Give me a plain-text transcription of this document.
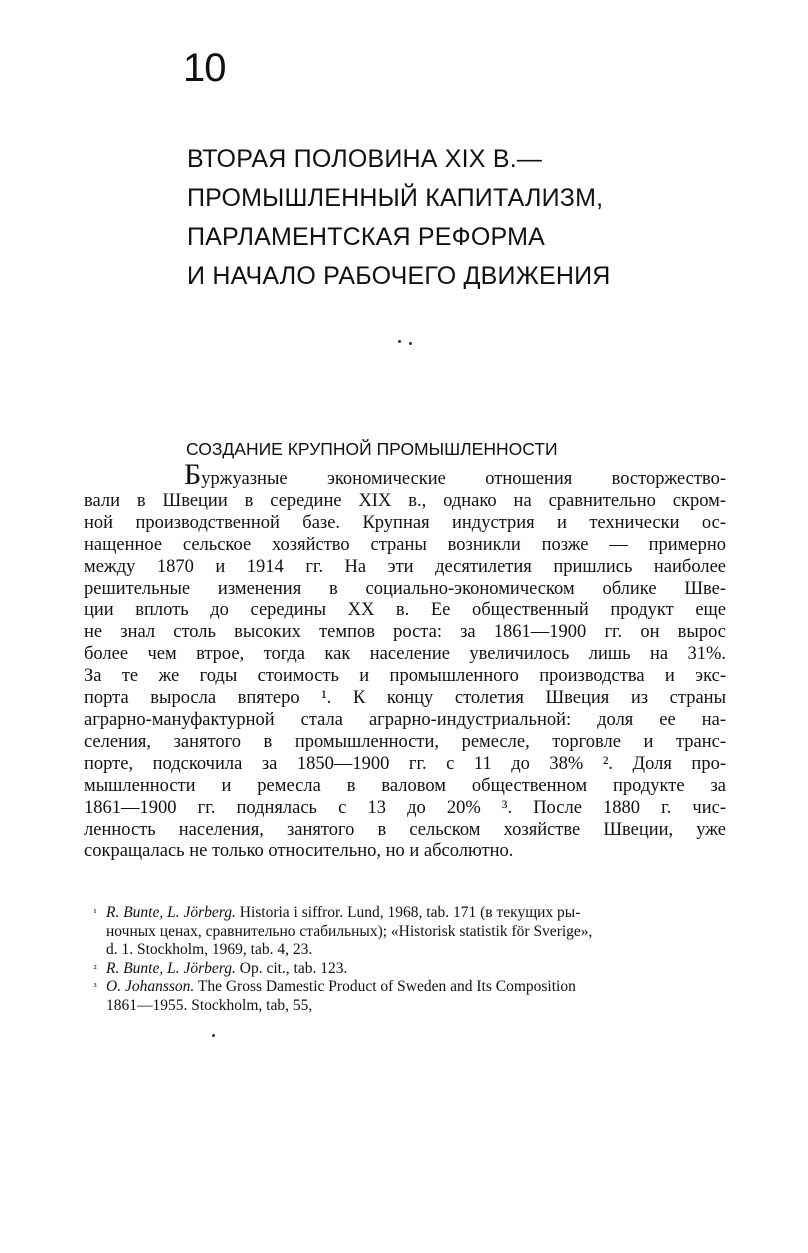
10
ВТОРАЯ ПОЛОВИНА XIX В.—
ПРОМЫШЛЕННЫЙ КАПИТАЛИЗМ,
ПАРЛАМЕНТСКАЯ РЕФОРМА
И НАЧАЛО РАБОЧЕГО ДВИЖЕНИЯ
СОЗДАНИЕ КРУПНОЙ ПРОМЫШЛЕННОСТИ
Буржуазные экономические отношения восторжество-
вали в Швеции в середине XIX в., однако на сравнительно скром-
ной производственной базе. Крупная индустрия и технически ос-
нащенное сельское хозяйство страны возникли позже — примерно
между 1870 и 1914 гг. На эти десятилетия пришлись наиболее
решительные изменения в социально-экономическом облике Шве-
ции вплоть до середины XX в. Ее общественный продукт еще
не знал столь высоких темпов роста: за 1861—1900 гг. он вырос
более чем втрое, тогда как население увеличилось лишь на 31%.
За те же годы стоимость и промышленного производства и экс-
порта выросла впятеро ¹. К концу столетия Швеция из страны
аграрно-мануфактурной стала аграрно-индустриальной: доля ее на-
селения, занятого в промышленности, ремесле, торговле и транс-
порте, подскочила за 1850—1900 гг. с 11 до 38% ². Доля про-
мышленности и ремесла в валовом общественном продукте за
1861—1900 гг. поднялась с 13 до 20% ³. После 1880 г. чис-
ленность населения, занятого в сельском хозяйстве Швеции, уже
сокращалась не только относительно, но и абсолютно.
¹ R. Bunte, L. Jörberg. Historia i siffror. Lund, 1968, tab. 171 (в текущих ры-
ночных ценах, сравнительно стабильных); «Historisk statistik för Sverige»,
d. 1. Stockholm, 1969, tab. 4, 23.
² R. Bunte, L. Jörberg. Op. cit., tab. 123.
³ O. Johansson. The Gross Damestic Product of Sweden and Its Composition
1861—1955. Stockholm, tab, 55,
